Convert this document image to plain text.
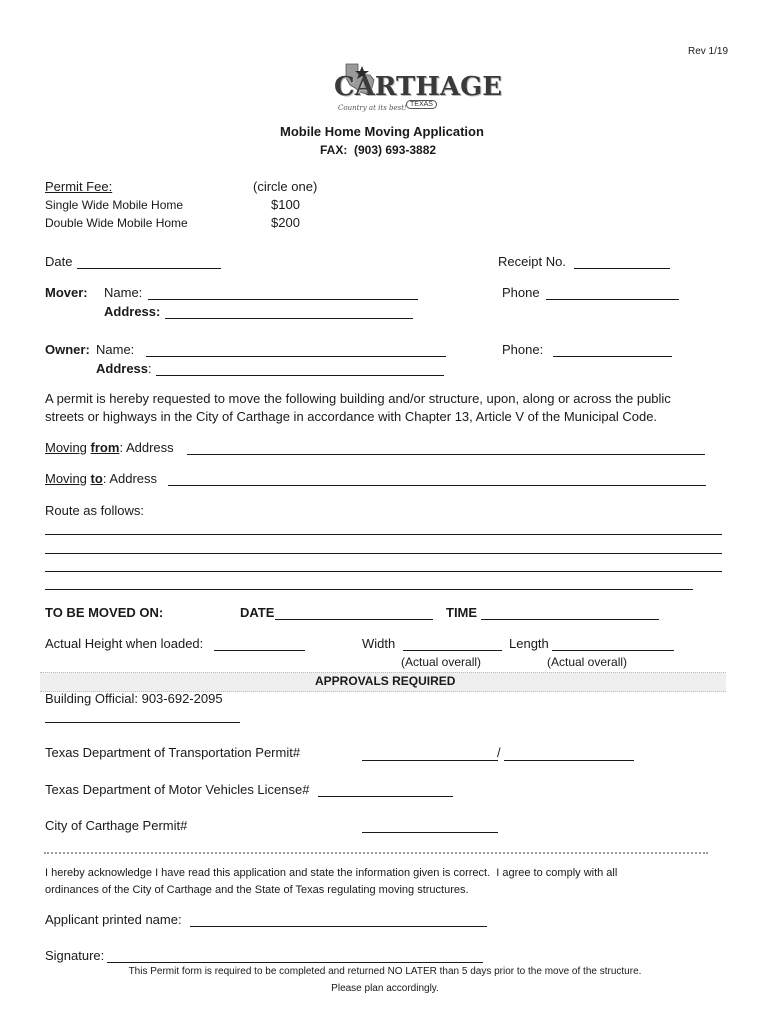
Rev 1/19
CARTHAGE
TEXAS
Country at its best!
Mobile Home Moving Application
FAX:  (903) 693-3882
Permit Fee:	(circle one)
Single Wide Mobile Home	$100
Double Wide Mobile Home	$200
Date	Receipt No.
Mover: Name:
Address:
Phone
Owner: Name:
Address:
Phone:
A permit is hereby requested to move the following building and/or structure, upon, along or across the public
streets or highways in the City of Carthage in accordance with Chapter 13, Article V of the Municipal Code.
Moving from: Address
Moving to: Address
Route as follows:
TO BE MOVED ON:	DATE	TIME
Actual Height when loaded:	Width	Length
(Actual overall)	(Actual overall)
APPROVALS REQUIRED
Building Official: 903-692-2095
Texas Department of Transportation Permit#	/
Texas Department of Motor Vehicles License#
City of Carthage Permit#
I hereby acknowledge I have read this application and state the information given is correct.  I agree to comply with all
ordinances of the City of Carthage and the State of Texas regulating moving structures.
Applicant printed name:
Signature:
This Permit form is required to be completed and returned NO LATER than 5 days prior to the move of the structure.
Please plan accordingly.
